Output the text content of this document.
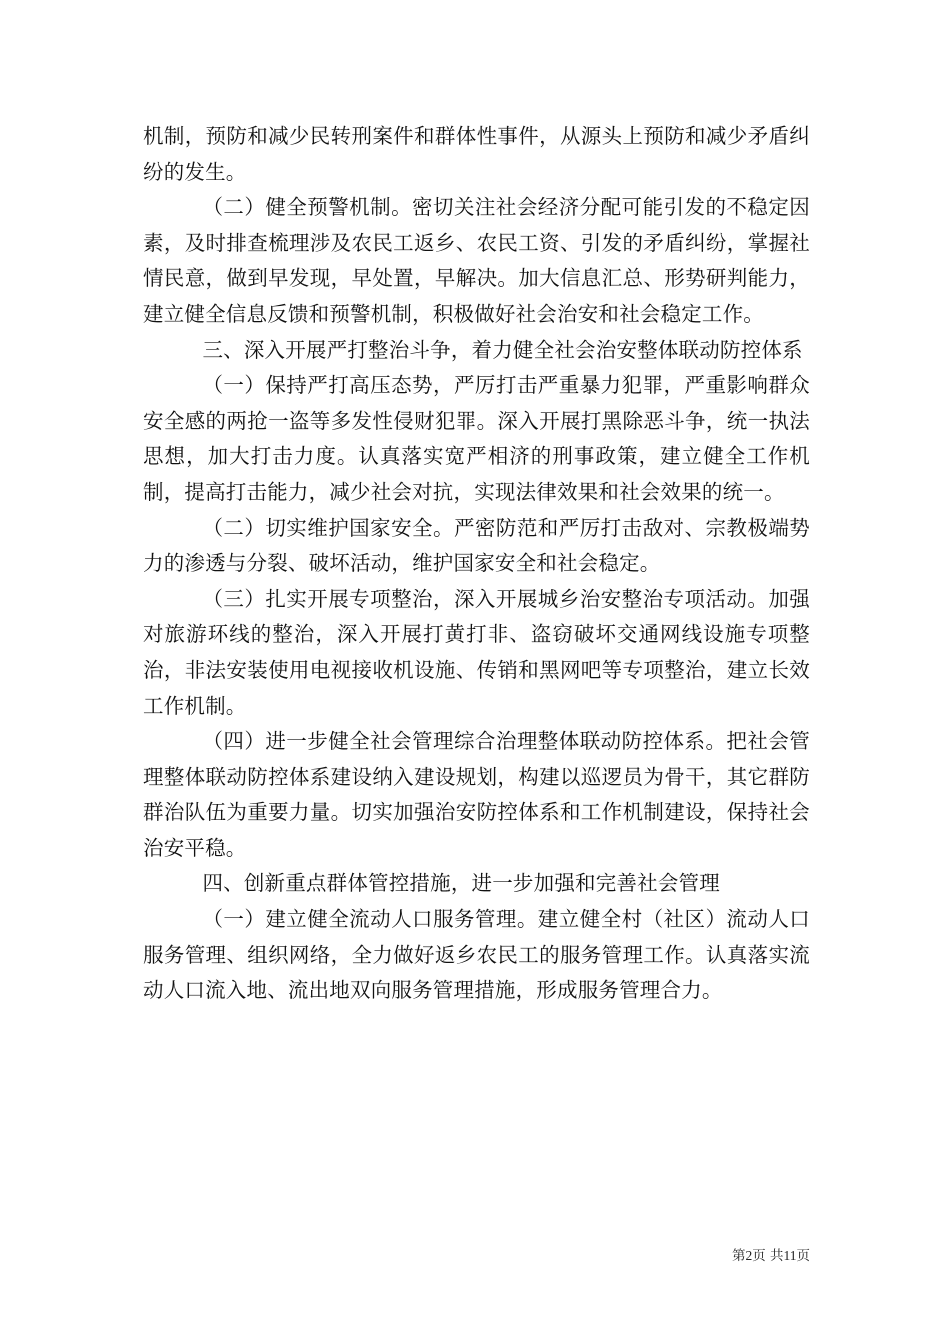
机制，预防和减少民转刑案件和群体性事件，从源头上预防和减少矛盾纠纷的发生。

（二）健全预警机制。密切关注社会经济分配可能引发的不稳定因素，及时排查梳理涉及农民工返乡、农民工资、引发的矛盾纠纷，掌握社情民意，做到早发现，早处置，早解决。加大信息汇总、形势研判能力，建立健全信息反馈和预警机制，积极做好社会治安和社会稳定工作。

三、深入开展严打整治斗争，着力健全社会治安整体联动防控体系

（一）保持严打高压态势，严厉打击严重暴力犯罪，严重影响群众安全感的两抢一盗等多发性侵财犯罪。深入开展打黑除恶斗争，统一执法思想，加大打击力度。认真落实宽严相济的刑事政策，建立健全工作机制，提高打击能力，减少社会对抗，实现法律效果和社会效果的统一。

（二）切实维护国家安全。严密防范和严厉打击敌对、宗教极端势力的渗透与分裂、破坏活动，维护国家安全和社会稳定。

（三）扎实开展专项整治，深入开展城乡治安整治专项活动。加强对旅游环线的整治，深入开展打黄打非、盗窃破坏交通网线设施专项整治，非法安装使用电视接收机设施、传销和黑网吧等专项整治，建立长效工作机制。

（四）进一步健全社会管理综合治理整体联动防控体系。把社会管理整体联动防控体系建设纳入建设规划，构建以巡逻员为骨干，其它群防群治队伍为重要力量。切实加强治安防控体系和工作机制建设，保持社会治安平稳。

四、创新重点群体管控措施，进一步加强和完善社会管理

（一）建立健全流动人口服务管理。建立健全村（社区）流动人口服务管理、组织网络，全力做好返乡农民工的服务管理工作。认真落实流动人口流入地、流出地双向服务管理措施，形成服务管理合力。

第2页 共11页
